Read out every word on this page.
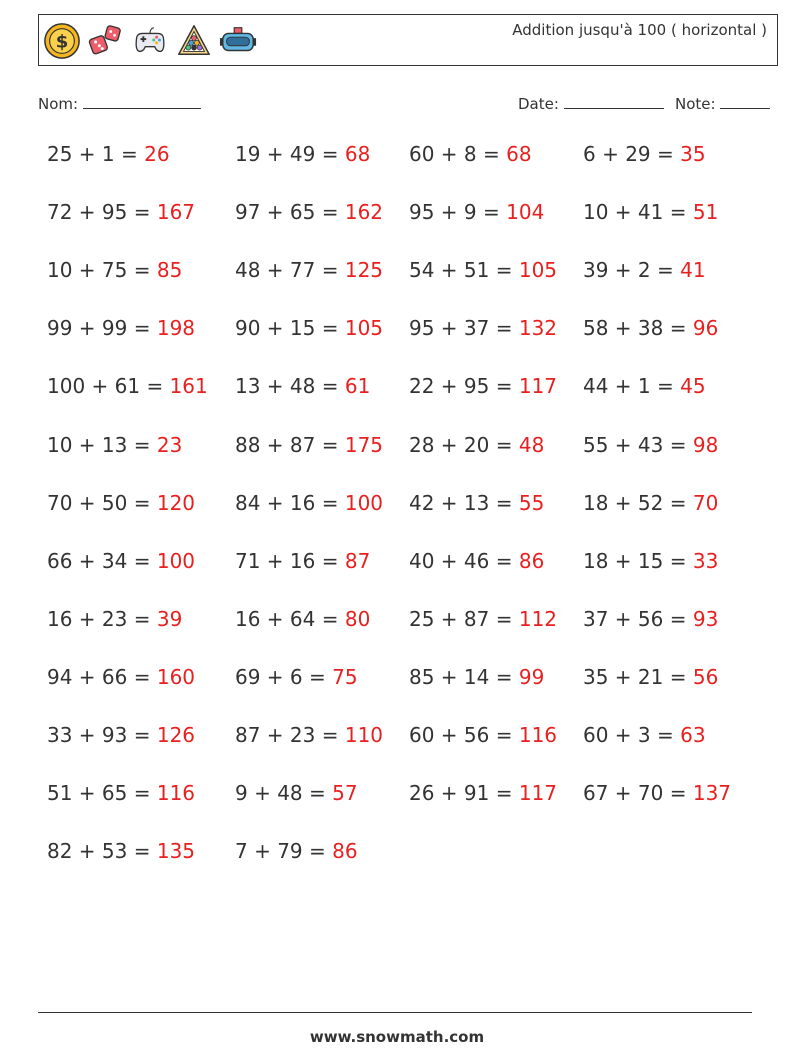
$
Addition jusqu'à 100 ( horizontal )
Nom:	Date:	Note:
25 + 1 = 26	19 + 49 = 68 60 + 8 = 68	6 + 29 = 35
72 + 95 = 167 97 + 65 = 162 95 + 9 = 104 10 + 41 = 51
10 + 75 = 85	48 + 77 = 125 54 + 51 = 105 39 + 2 = 41
99 + 99 = 198 90 + 15 = 105 95 + 37 = 132 58 + 38 = 96
100 + 61 = 161 13 + 48 = 61 22 + 95 = 117 44 + 1 = 45
10 + 13 = 23	88 + 87 = 175 28 + 20 = 48 55 + 43 = 98
70 + 50 = 120 84 + 16 = 100 42 + 13 = 55 18 + 52 = 70
66 + 34 = 100 71 + 16 = 87 40 + 46 = 86 18 + 15 = 33
16 + 23 = 39	16 + 64 = 80 25 + 87 = 112 37 + 56 = 93
94 + 66 = 160 69 + 6 = 75	85 + 14 = 99 35 + 21 = 56
33 + 93 = 126 87 + 23 = 110 60 + 56 = 116 60 + 3 = 63
51 + 65 = 116 9 + 48 = 57	26 + 91 = 117 67 + 70 = 137
82 + 53 = 135 7 + 79 = 86
www.snowmath.com
